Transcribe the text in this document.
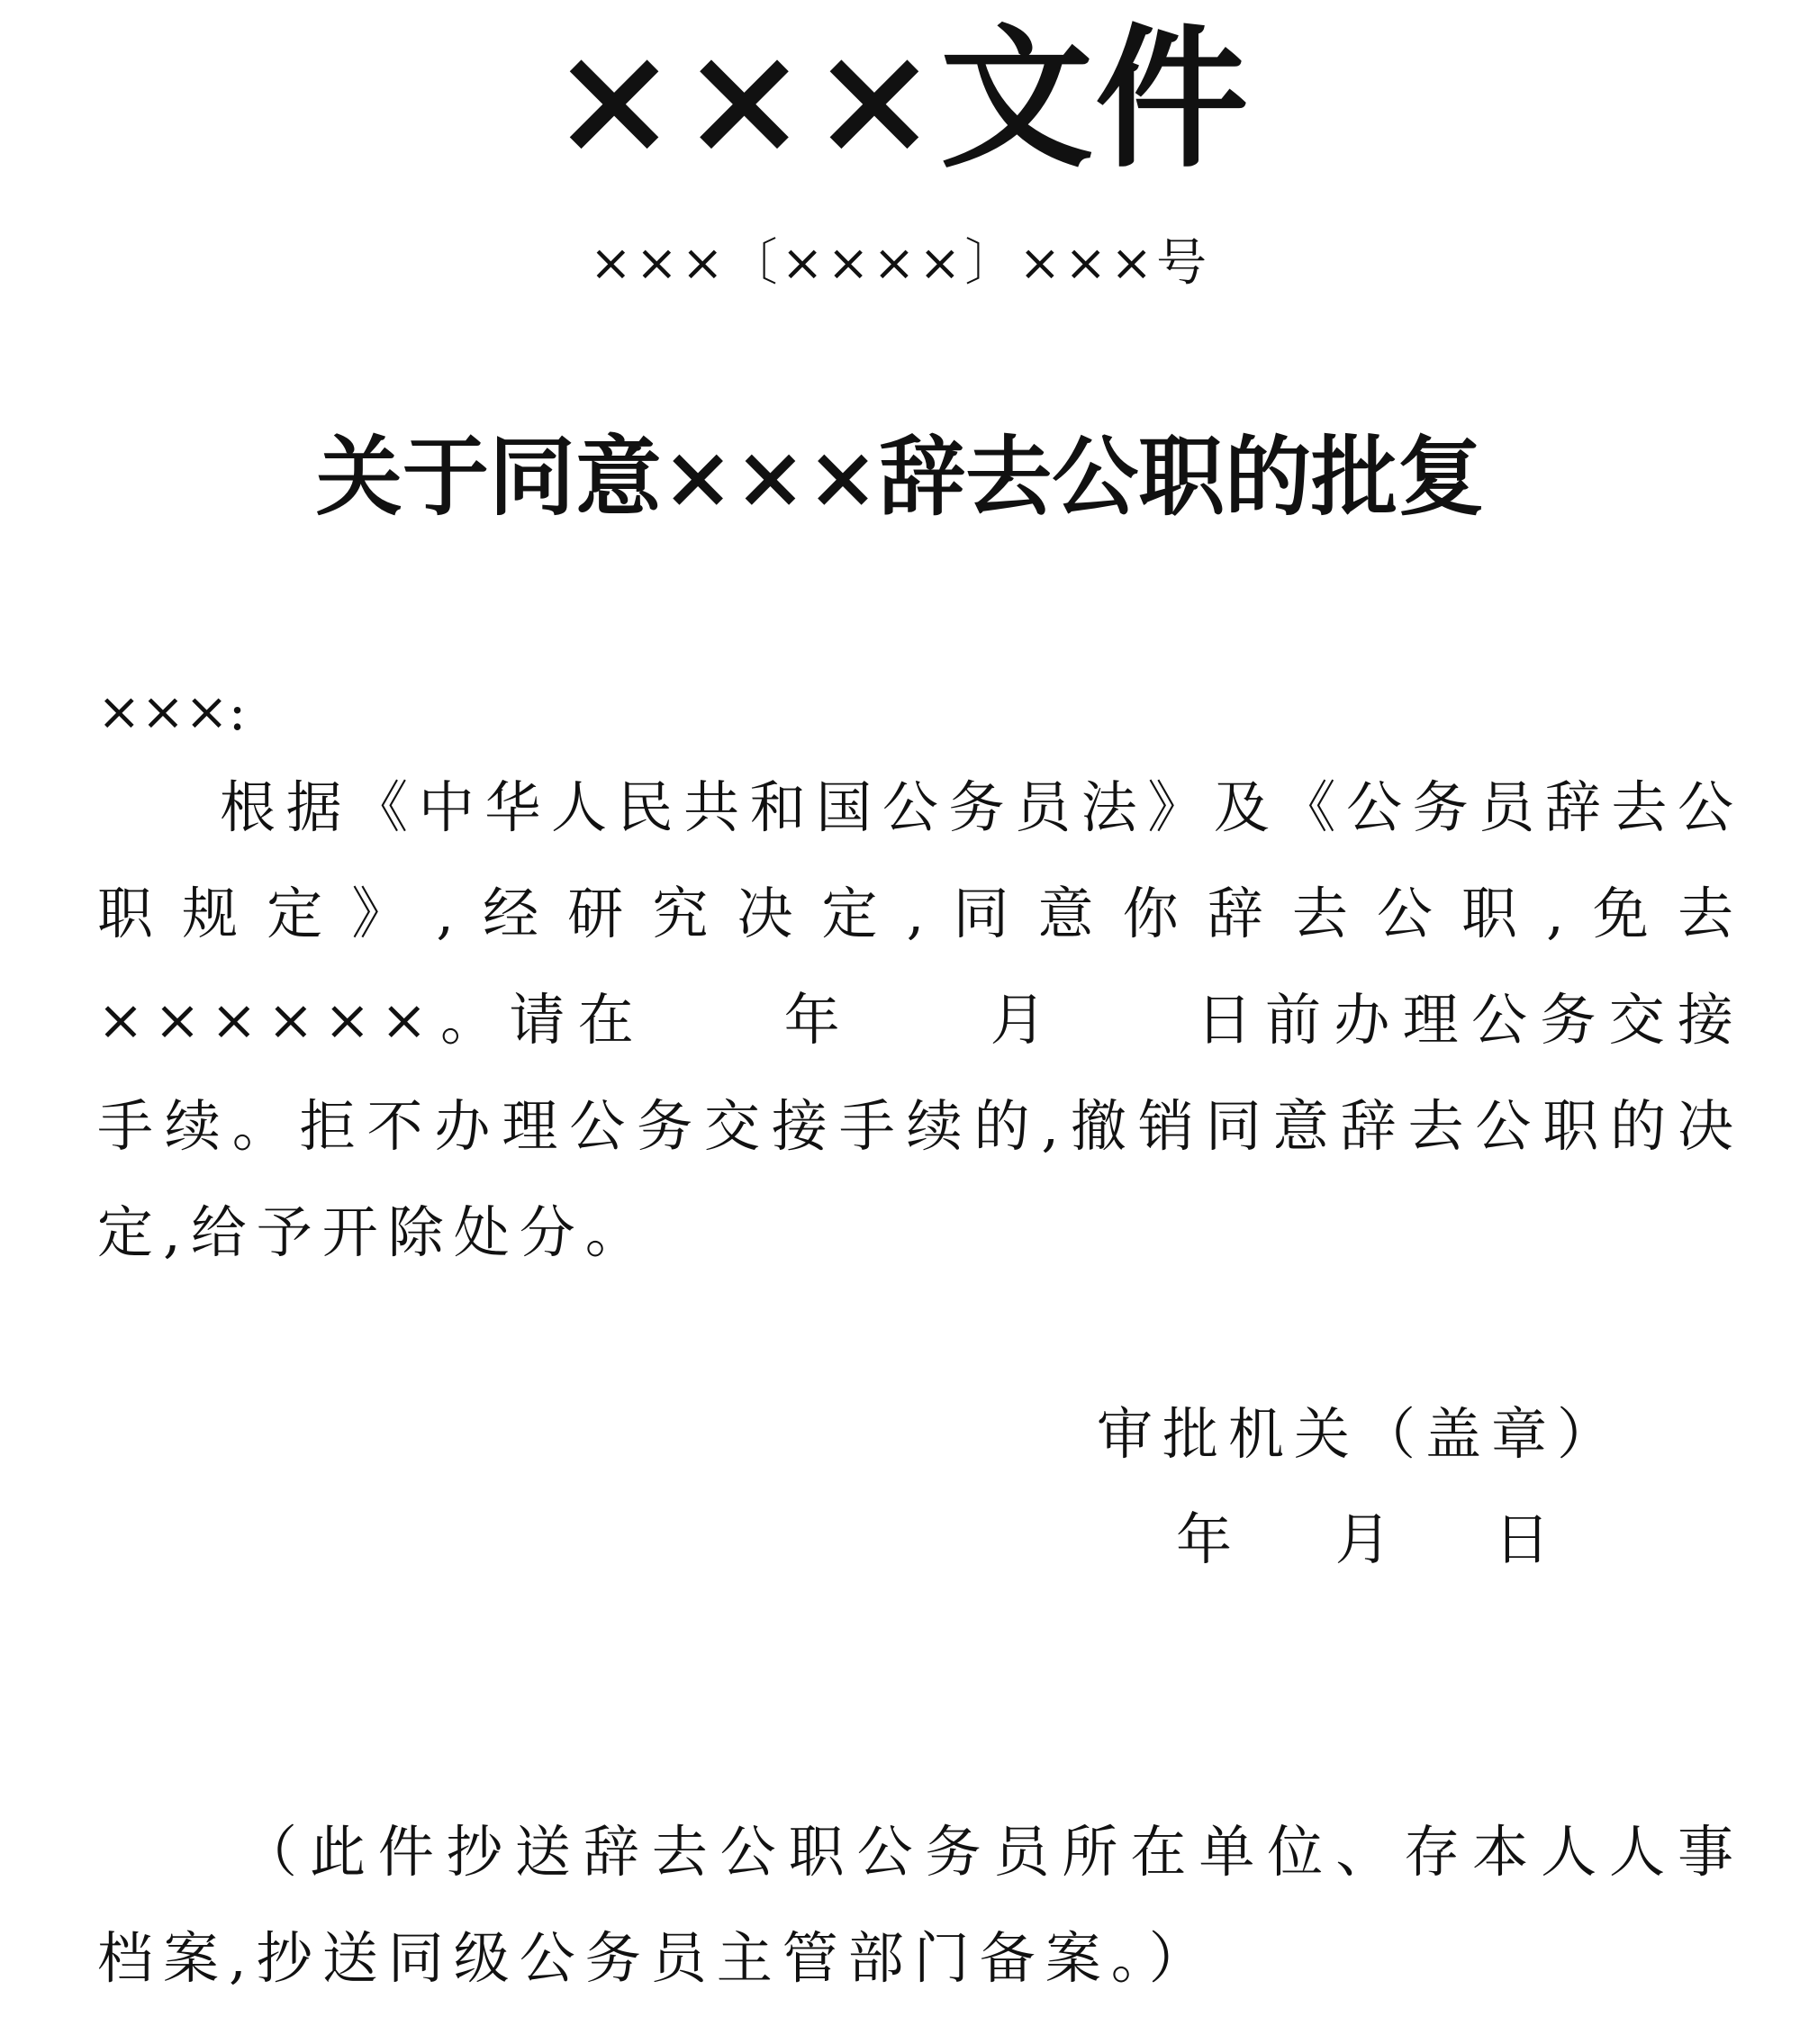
×××文件
×××〔××××〕×××号
关于同意×××辞去公职的批复
×××:

根据《中华人民共和国公务员法》及《公务员辞去公职规定》,经研究决定,同意你辞去公职,免去××××××。请在　　年　　月　　日前办理公务交接手续。拒不办理公务交接手续的,撤销同意辞去公职的决定,给予开除处分。

审批机关（盖章）
年　 月　 日

（此件抄送辞去公职公务员所在单位、存本人人事档案,抄送同级公务员主管部门备案。）
